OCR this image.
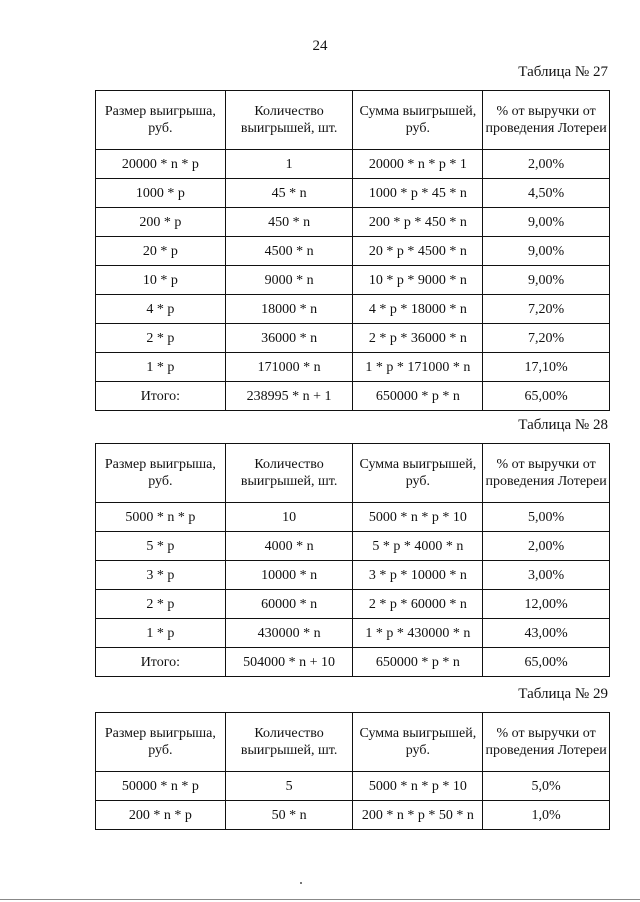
24
Таблица № 27
Размер выигрыша, руб.	Количество выигрышей, шт.	Сумма выигрышей, руб.	% от выручки от проведения Лотереи
20000 * n * p	1	20000 * n * p * 1	2,00%
1000 * p	45 * n	1000 * p * 45 * n	4,50%
200 * p	450 * n	200 * p * 450 * n	9,00%
20 * p	4500 * n	20 * p * 4500 * n	9,00%
10 * p	9000 * n	10 * p * 9000 * n	9,00%
4 * p	18000 * n	4 * p * 18000 * n	7,20%
2 * p	36000 * n	2 * p * 36000 * n	7,20%
1 * p	171000 * n	1 * p * 171000 * n	17,10%
Итого:	238995 * n + 1	650000 * p * n	65,00%
Таблица № 28
Размер выигрыша, руб.	Количество выигрышей, шт.	Сумма выигрышей, руб.	% от выручки от проведения Лотереи
5000 * n * p	10	5000 * n * p * 10	5,00%
5 * p	4000 * n	5 * p * 4000 * n	2,00%
3 * p	10000 * n	3 * p * 10000 * n	3,00%
2 * p	60000 * n	2 * p * 60000 * n	12,00%
1 * p	430000 * n	1 * p * 430000 * n	43,00%
Итого:	504000 * n + 10	650000 * p * n	65,00%
Таблица № 29
Размер выигрыша, руб.	Количество выигрышей, шт.	Сумма выигрышей, руб.	% от выручки от проведения Лотереи
50000 * n * p	5	5000 * n * p * 10	5,0%
200 * n * p	50 * n	200 * n * p * 50 * n	1,0%
